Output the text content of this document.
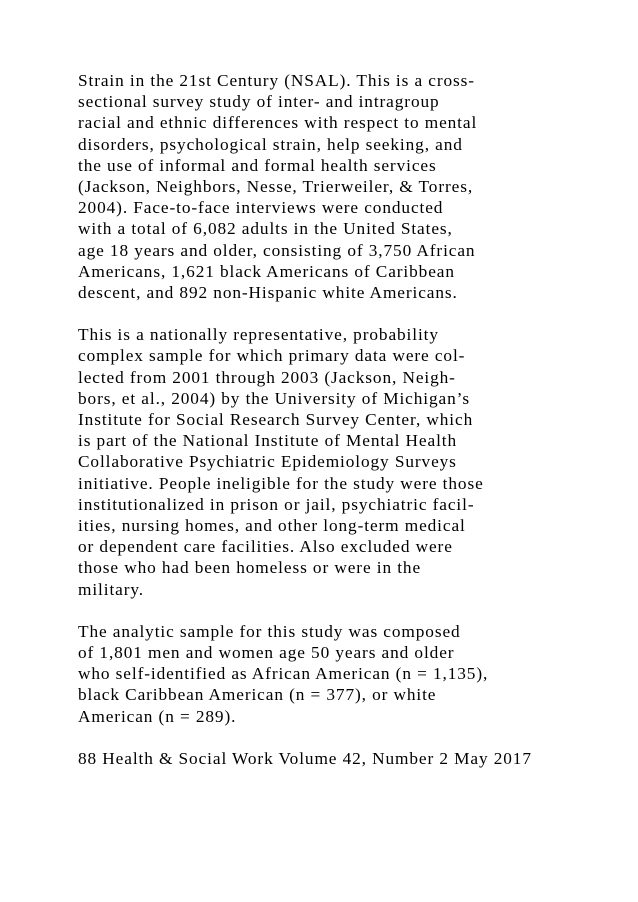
Strain in the 21st Century (NSAL). This is a cross-
sectional survey study of inter- and intragroup
racial and ethnic differences with respect to mental
disorders, psychological strain, help seeking, and
the use of informal and formal health services
(Jackson, Neighbors, Nesse, Trierweiler, & Torres,
2004). Face-to-face interviews were conducted
with a total of 6,082 adults in the United States,
age 18 years and older, consisting of 3,750 African
Americans, 1,621 black Americans of Caribbean
descent, and 892 non-Hispanic white Americans.
This is a nationally representative, probability
complex sample for which primary data were col-
lected from 2001 through 2003 (Jackson, Neigh-
bors, et al., 2004) by the University of Michigan’s
Institute for Social Research Survey Center, which
is part of the National Institute of Mental Health
Collaborative Psychiatric Epidemiology Surveys
initiative. People ineligible for the study were those
institutionalized in prison or jail, psychiatric facil-
ities, nursing homes, and other long-term medical
or dependent care facilities. Also excluded were
those who had been homeless or were in the
military.
The analytic sample for this study was composed
of 1,801 men and women age 50 years and older
who self-identified as African American (n = 1,135),
black Caribbean American (n = 377), or white
American (n = 289).
88 Health & Social Work Volume 42, Number 2 May 2017
